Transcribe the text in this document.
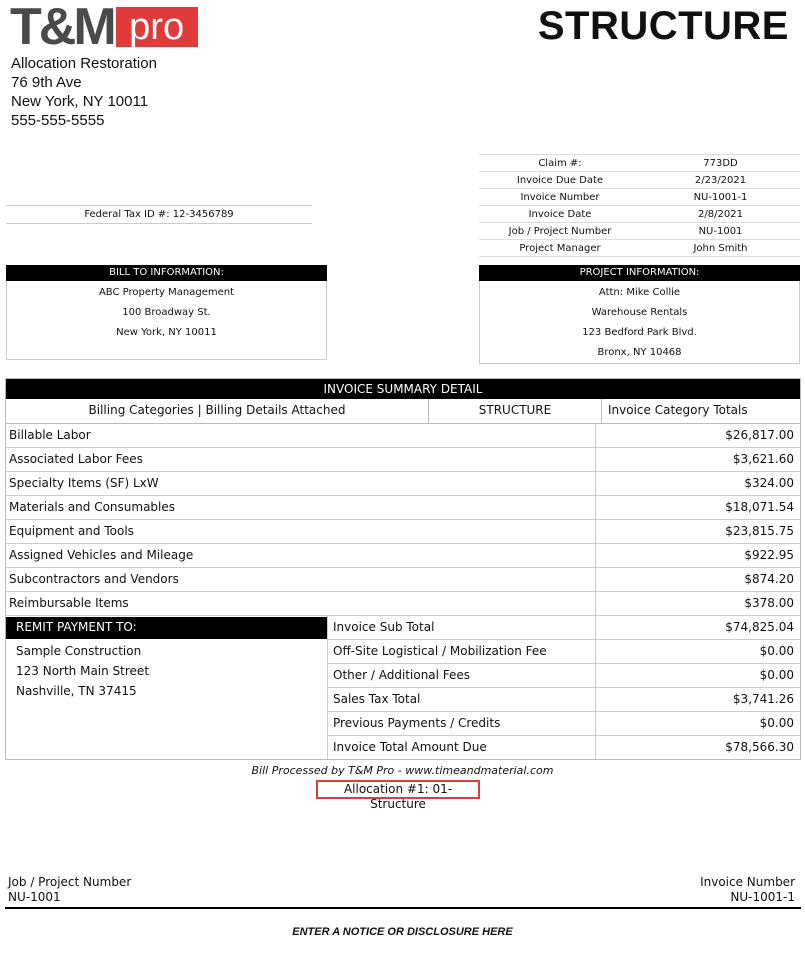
T&M pro	STRUCTURE
Allocation Restoration
76 9th Ave
New York, NY 10011
555-555-5555
Federal Tax ID #: 12-3456789
Claim #:	773DD
Invoice Due Date	2/23/2021
Invoice Number	NU-1001-1
Invoice Date	2/8/2021
Job / Project Number	NU-1001
Project Manager	John Smith
BILL TO INFORMATION:
ABC Property Management
100 Broadway St.
New York, NY 10011
PROJECT INFORMATION:
Attn: Mike Collie
Warehouse Rentals
123 Bedford Park Blvd.
Bronx, NY 10468
INVOICE SUMMARY DETAIL
Billing Categories | Billing Details Attached	STRUCTURE	Invoice Category Totals
Billable Labor	$26,817.00
Associated Labor Fees	$3,621.60
Specialty Items (SF) LxW	$324.00
Materials and Consumables	$18,071.54
Equipment and Tools	$23,815.75
Assigned Vehicles and Mileage	$922.95
Subcontractors and Vendors	$874.20
Reimbursable Items	$378.00
REMIT PAYMENT TO:
Sample Construction
123 North Main Street
Nashville, TN 37415
Invoice Sub Total	$74,825.04
Off-Site Logistical / Mobilization Fee	$0.00
Other / Additional Fees	$0.00
Sales Tax Total	$3,741.26
Previous Payments / Credits	$0.00
Invoice Total Amount Due	$78,566.30
Bill Processed by T&M Pro - www.timeandmaterial.com
Allocation #1: 01-Structure
Job / Project Number
NU-1001
Invoice Number
NU-1001-1
ENTER A NOTICE OR DISCLOSURE HERE
